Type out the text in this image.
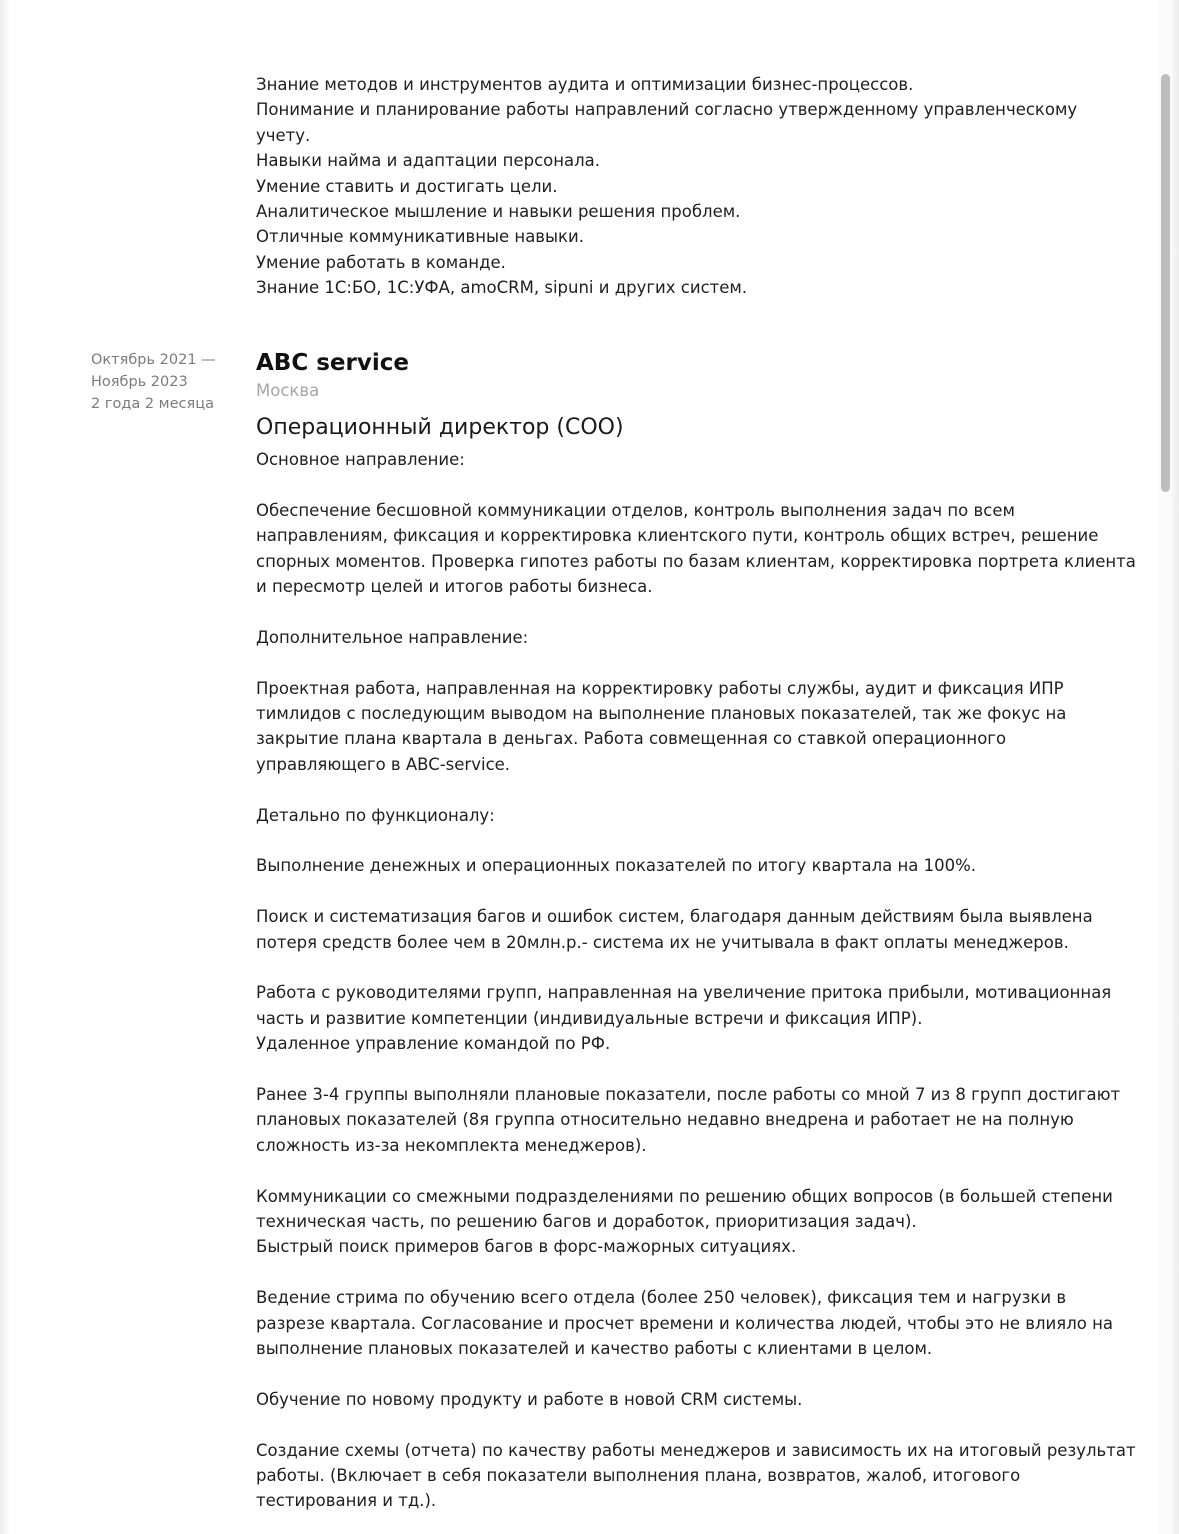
Знание методов и инструментов аудита и оптимизации бизнес-процессов.
Понимание и планирование работы направлений согласно утвержденному управленческому учету.
Навыки найма и адаптации персонала.
Умение ставить и достигать цели.
Аналитическое мышление и навыки решения проблем.
Отличные коммуникативные навыки.
Умение работать в команде.
Знание 1С:БО, 1С:УФА, amoCRM, sipuni и других систем.
Октябрь 2021 —
Ноябрь 2023
2 года 2 месяца
ABC service
Москва
Операционный директор (COO)

Основное направление:

Обеспечение бесшовной коммуникации отделов, контроль выполнения задач по всем направлениям, фиксация и корректировка клиентского пути, контроль общих встреч, решение спорных моментов. Проверка гипотез работы по базам клиентам, корректировка портрета клиента и пересмотр целей и итогов работы бизнеса.

Дополнительное направление:

Проектная работа, направленная на корректировку работы службы, аудит и фиксация ИПР тимлидов с последующим выводом на выполнение плановых показателей, так же фокус на закрытие плана квартала в деньгах. Работа совмещенная со ставкой операционного управляющего в ABC-service.

Детально по функционалу:

Выполнение денежных и операционных показателей по итогу квартала на 100%.

Поиск и систематизация багов и ошибок систем, благодаря данным действиям была выявлена потеря средств более чем в 20млн.р.- система их не учитывала в факт оплаты менеджеров.

Работа с руководителями групп, направленная на увеличение притока прибыли, мотивационная часть и развитие компетенции (индивидуальные встречи и фиксация ИПР).
Удаленное управление командой по РФ.

Ранее 3-4 группы выполняли плановые показатели, после работы со мной 7 из 8 групп достигают плановых показателей (8я группа относительно недавно внедрена и работает не на полную сложность из-за некомплекта менеджеров).

Коммуникации со смежными подразделениями по решению общих вопросов (в большей степени техническая часть, по решению багов и доработок, приоритизация задач).
Быстрый поиск примеров багов в форс-мажорных ситуациях.

Ведение стрима по обучению всего отдела (более 250 человек), фиксация тем и нагрузки в разрезе квартала. Согласование и просчет времени и количества людей, чтобы это не влияло на выполнение плановых показателей и качество работы с клиентами в целом.

Обучение по новому продукту и работе в новой CRM системы.

Создание схемы (отчета) по качеству работы менеджеров и зависимость их на итоговый результат работы. (Включает в себя показатели выполнения плана, возвратов, жалоб, итогового тестирования и тд.).
